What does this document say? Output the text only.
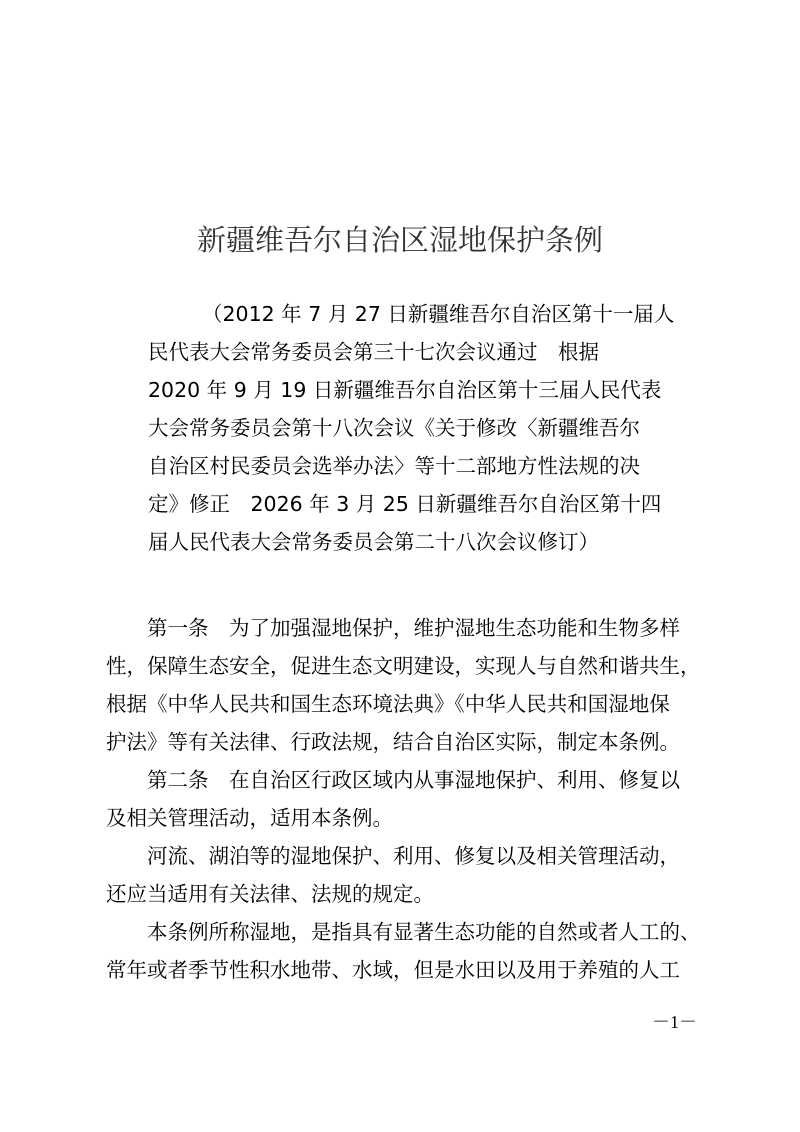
新疆维吾尔自治区湿地保护条例
（2012 年 7 月 27 日新疆维吾尔自治区第十一届人
民代表大会常务委员会第三十七次会议通过　根据
2020 年 9 月 19 日新疆维吾尔自治区第十三届人民代表
大会常务委员会第十八次会议《关于修改〈新疆维吾尔
自治区村民委员会选举办法〉等十二部地方性法规的决
定》修正　2026 年 3 月 25 日新疆维吾尔自治区第十四
届人民代表大会常务委员会第二十八次会议修订）
　　第一条　为了加强湿地保护，维护湿地生态功能和生物多样
性，保障生态安全，促进生态文明建设，实现人与自然和谐共生，
根据《中华人民共和国生态环境法典》《中华人民共和国湿地保
护法》等有关法律、行政法规，结合自治区实际，制定本条例。
　　第二条　在自治区行政区域内从事湿地保护、利用、修复以
及相关管理活动，适用本条例。
　　河流、湖泊等的湿地保护、利用、修复以及相关管理活动，
还应当适用有关法律、法规的规定。
　　本条例所称湿地，是指具有显著生态功能的自然或者人工的、
常年或者季节性积水地带、水域，但是水田以及用于养殖的人工
－1－
